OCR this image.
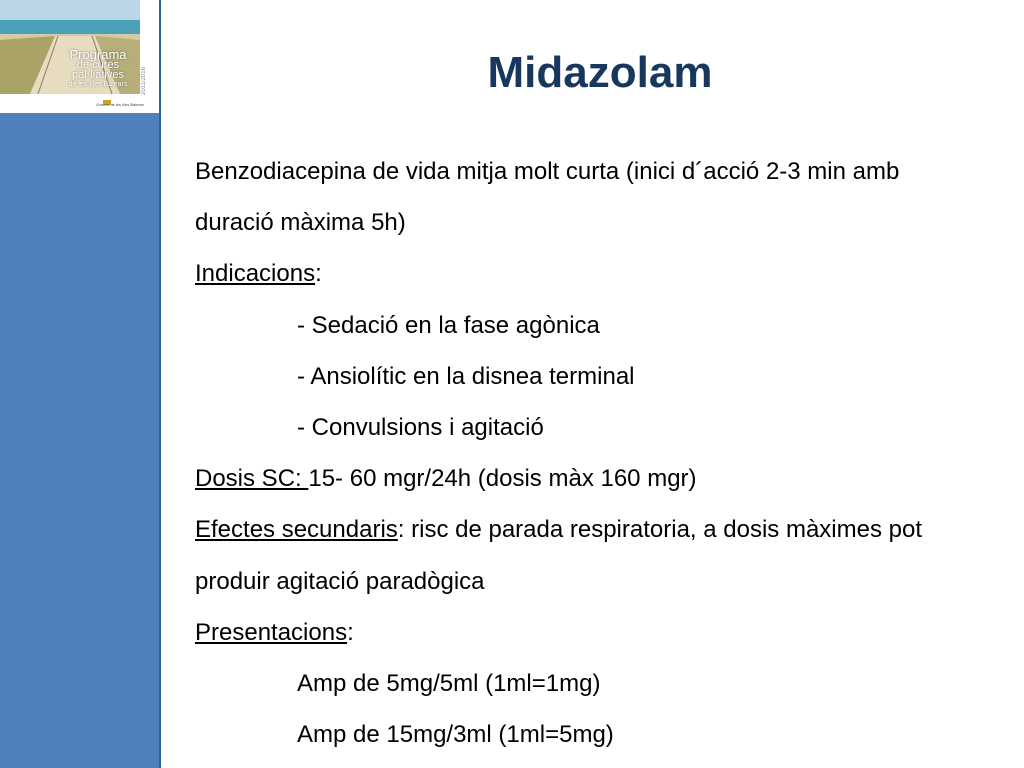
Programa
de cures pal·liatives
de les Illes Balears	2011/2016
Govern de les Illes Balears
Midazolam

Benzodiacepina de vida mitja molt curta (inici d´acció 2-3 min amb

duració màxima 5h)

Indicacions:

- Sedació en la fase agònica

- Ansiolític en la disnea terminal

- Convulsions i agitació

Dosis SC: 15- 60 mgr/24h (dosis màx 160 mgr)

Efectes secundaris: risc de parada respiratoria, a dosis màximes pot

produir agitació paradògica

Presentacions:

Amp de 5mg/5ml (1ml=1mg)

Amp de 15mg/3ml (1ml=5mg)
